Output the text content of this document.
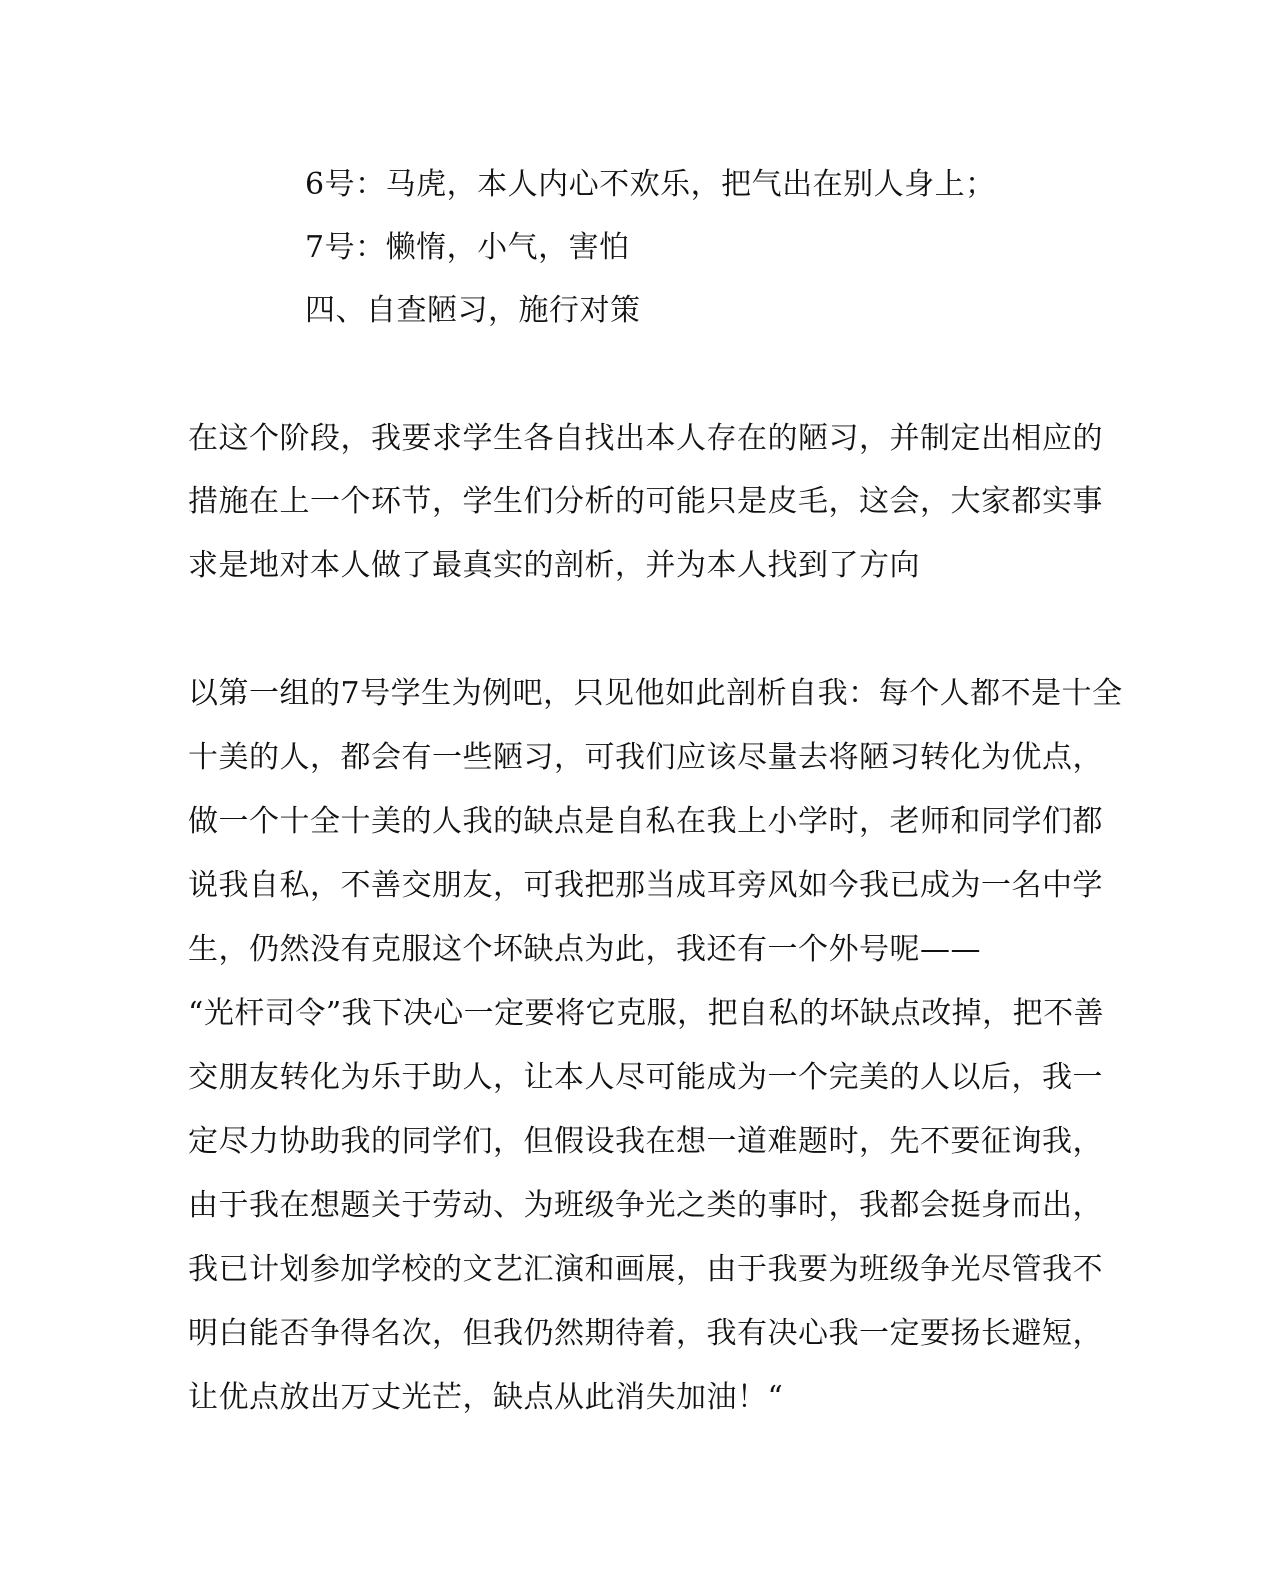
6号：马虎，本人内心不欢乐，把气出在别人身上；
7号：懒惰，小气，害怕
四、自查陋习，施行对策
在这个阶段，我要求学生各自找出本人存在的陋习，并制定出相应的
措施在上一个环节，学生们分析的可能只是皮毛，这会，大家都实事
求是地对本人做了最真实的剖析，并为本人找到了方向
以第一组的7号学生为例吧，只见他如此剖析自我：每个人都不是十全
十美的人，都会有一些陋习，可我们应该尽量去将陋习转化为优点，
做一个十全十美的人我的缺点是自私在我上小学时，老师和同学们都
说我自私，不善交朋友，可我把那当成耳旁风如今我已成为一名中学
生，仍然没有克服这个坏缺点为此，我还有一个外号呢——
“光杆司令”我下决心一定要将它克服，把自私的坏缺点改掉，把不善
交朋友转化为乐于助人，让本人尽可能成为一个完美的人以后，我一
定尽力协助我的同学们，但假设我在想一道难题时，先不要征询我，
由于我在想题关于劳动、为班级争光之类的事时，我都会挺身而出，
我已计划参加学校的文艺汇演和画展，由于我要为班级争光尽管我不
明白能否争得名次，但我仍然期待着，我有决心我一定要扬长避短，
让优点放出万丈光芒，缺点从此消失加油！“
